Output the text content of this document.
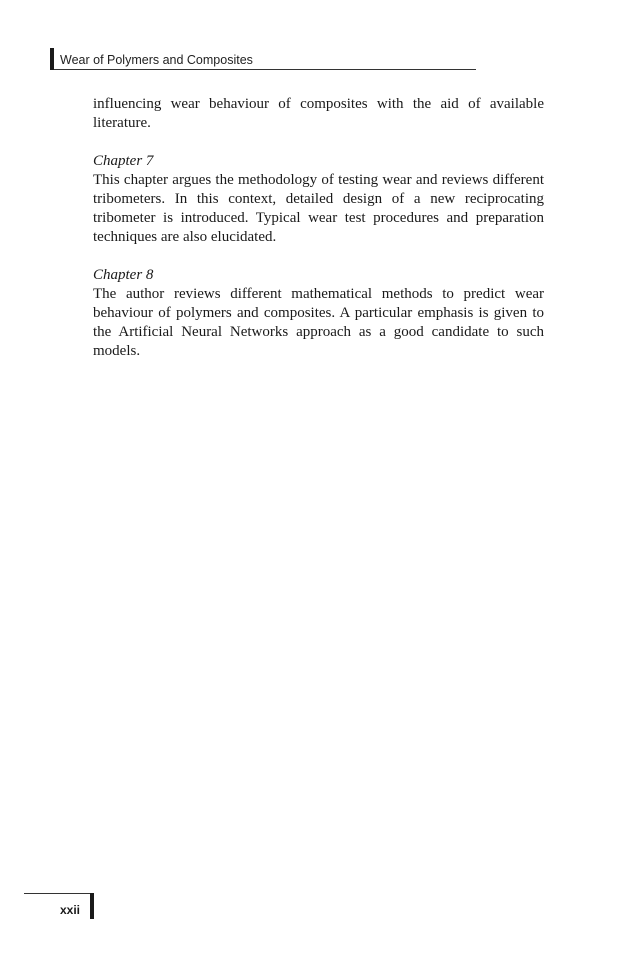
Wear of Polymers and Composites

influencing wear behaviour of composites with the aid of available literature.

Chapter 7

This chapter argues the methodology of testing wear and reviews different tribometers. In this context, detailed design of a new reciprocating tribometer is introduced. Typical wear test procedures and preparation techniques are also elucidated.

Chapter 8

The author reviews different mathematical methods to predict wear behaviour of polymers and composites. A particular emphasis is given to the Artificial Neural Networks approach as a good candidate to such models.

xxii
